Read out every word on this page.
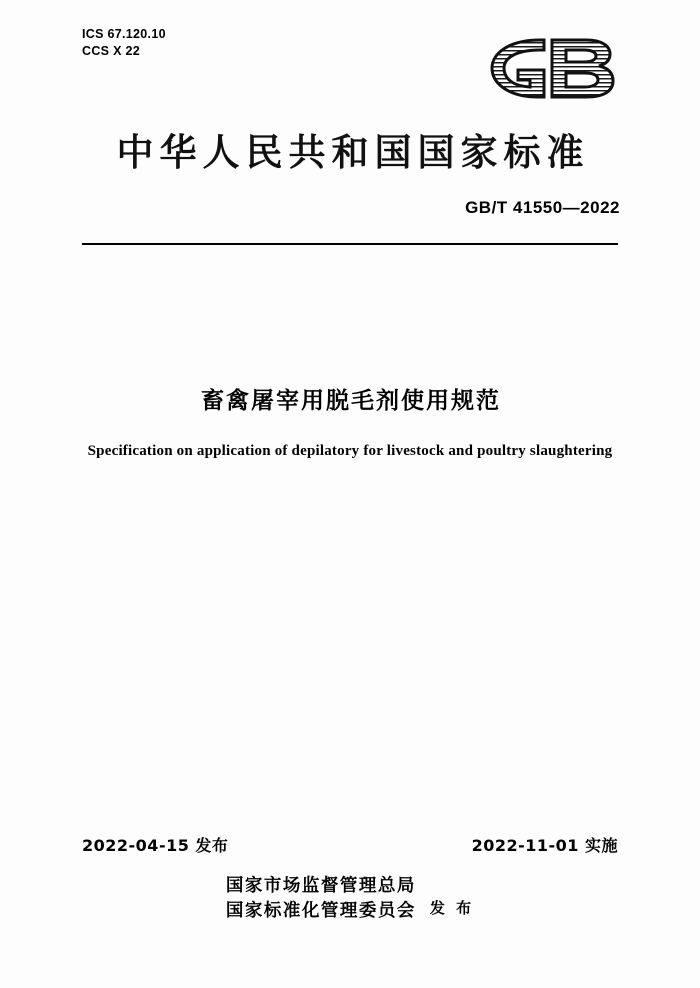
ICS 67.120.10
CCS X 22
中华人民共和国国家标准
GB/T 41550—2022
畜禽屠宰用脱毛剂使用规范
Specification on application of depilatory for livestock and poultry slaughtering
2022-04-15 发布	2022-11-01 实施
国家市场监督管理总局
国家标准化管理委员会 发 布
